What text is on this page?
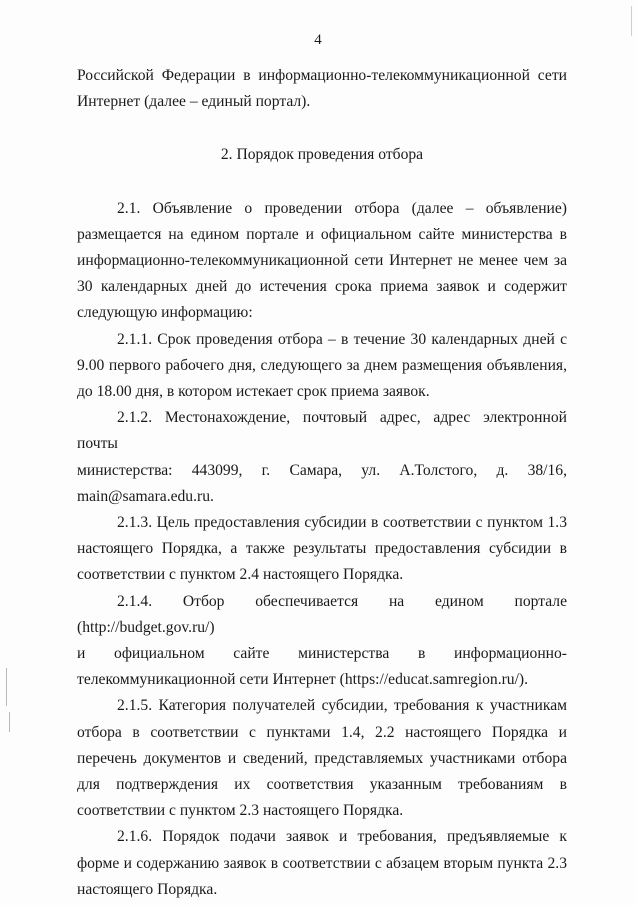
4

Российской Федерации в информационно-телекоммуникационной сети

Интернет (далее – единый портал).

2. Порядок проведения отбора

2.1. Объявление о проведении отбора (далее – объявление) размещается на едином портале и официальном сайте министерства в информационно-телекоммуникационной сети Интернет не менее чем за 30 календарных дней до истечения срока приема заявок и содержит следующую информацию:

2.1.1. Срок проведения отбора – в течение 30 календарных дней с 9.00 первого рабочего дня, следующего за днем размещения объявления, до 18.00 дня, в котором истекает срок приема заявок.

2.1.2. Местонахождение, почтовый адрес, адрес электронной почты

министерства: 443099, г. Самара, ул. А.Толстого, д. 38/16,

main@samara.edu.ru.

2.1.3. Цель предоставления субсидии в соответствии с пунктом 1.3 настоящего Порядка, а также результаты предоставления субсидии в соответствии с пунктом 2.4 настоящего Порядка.

2.1.4. Отбор обеспечивается на едином портале (http://budget.gov.ru/)

и официальном сайте министерства в информационно-

телекоммуникационной сети Интернет (https://educat.samregion.ru/).

2.1.5. Категория получателей субсидии, требования к участникам отбора в соответствии с пунктами 1.4, 2.2 настоящего Порядка и перечень документов и сведений, представляемых участниками отбора для подтверждения их соответствия указанным требованиям в соответствии с пунктом 2.3 настоящего Порядка.

2.1.6. Порядок подачи заявок и требования, предъявляемые к форме и содержанию заявок в соответствии с абзацем вторым пункта 2.3 настоящего Порядка.
